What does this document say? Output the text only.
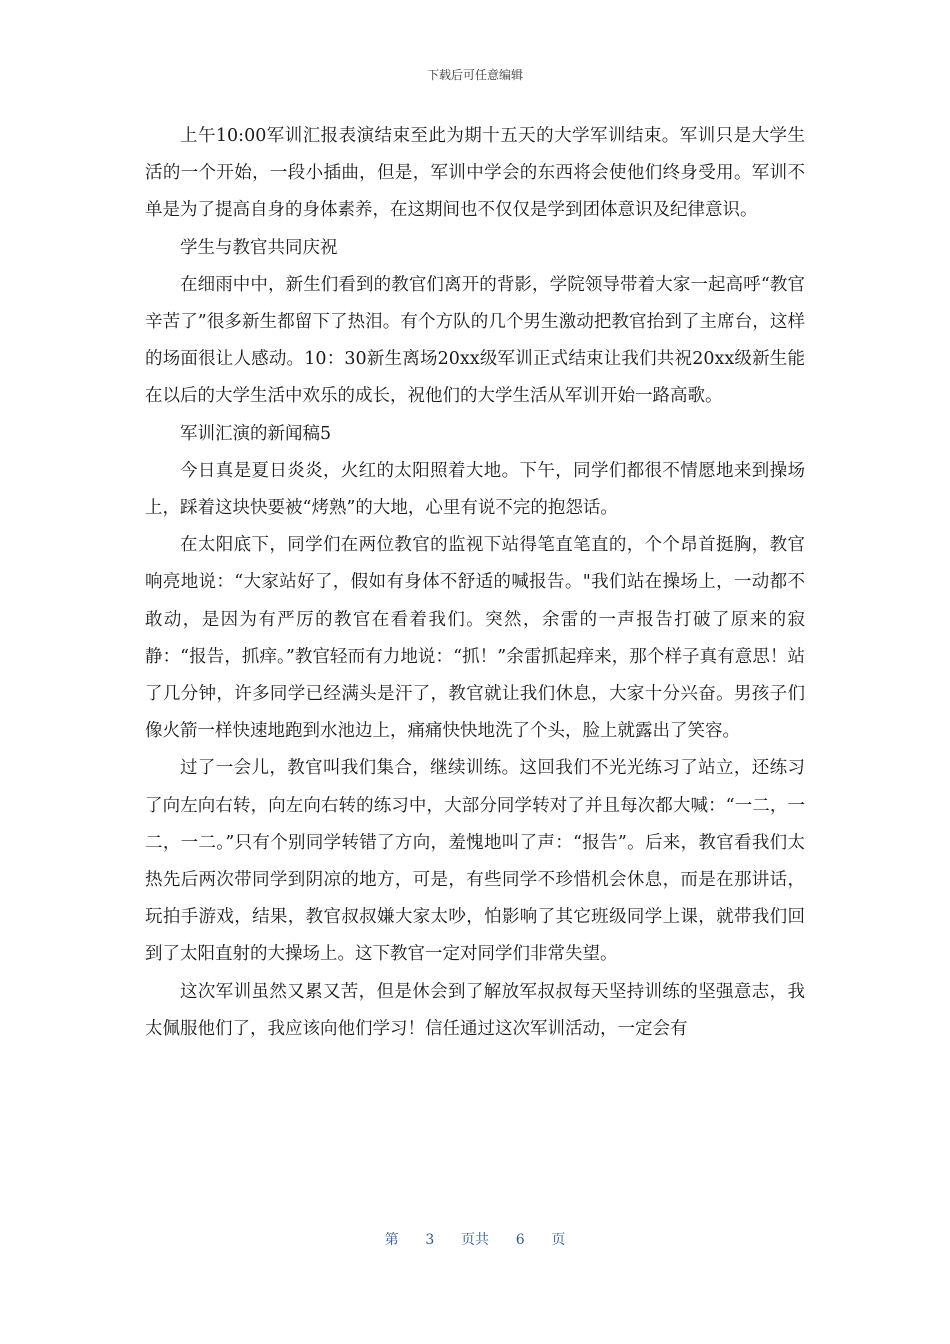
下载后可任意编辑

上午10:00军训汇报表演结束至此为期十五天的大学军训结束。军训只是大学生活的一个开始，一段小插曲，但是，军训中学会的东西将会使他们终身受用。军训不单是为了提高自身的身体素养，在这期间也不仅仅是学到团体意识及纪律意识。

学生与教官共同庆祝

在细雨中中，新生们看到的教官们离开的背影，学院领导带着大家一起高呼“教官辛苦了”很多新生都留下了热泪。有个方队的几个男生激动把教官抬到了主席台，这样的场面很让人感动。10：30新生离场20xx级军训正式结束让我们共祝20xx级新生能在以后的大学生活中欢乐的成长，祝他们的大学生活从军训开始一路高歌。

军训汇演的新闻稿5

今日真是夏日炎炎，火红的太阳照着大地。下午，同学们都很不情愿地来到操场上，踩着这块快要被“烤熟”的大地，心里有说不完的抱怨话。

在太阳底下，同学们在两位教官的监视下站得笔直笔直的，个个昂首挺胸，教官响亮地说：“大家站好了，假如有身体不舒适的喊报告。"我们站在操场上，一动都不敢动，是因为有严厉的教官在看着我们。突然，余雷的一声报告打破了原来的寂静：“报告，抓痒。”教官轻而有力地说：“抓！”余雷抓起痒来，那个样子真有意思！站了几分钟，许多同学已经满头是汗了，教官就让我们休息，大家十分兴奋。男孩子们像火箭一样快速地跑到水池边上，痛痛快快地洗了个头，脸上就露出了笑容。

过了一会儿，教官叫我们集合，继续训练。这回我们不光光练习了站立，还练习了向左向右转，向左向右转的练习中，大部分同学转对了并且每次都大喊：“一二，一二，一二。”只有个别同学转错了方向，羞愧地叫了声：“报告”。后来，教官看我们太热先后两次带同学到阴凉的地方，可是，有些同学不珍惜机会休息，而是在那讲话，玩拍手游戏，结果，教官叔叔嫌大家太吵，怕影响了其它班级同学上课，就带我们回到了太阳直射的大操场上。这下教官一定对同学们非常失望。

这次军训虽然又累又苦，但是休会到了解放军叔叔每天坚持训练的坚强意志，我太佩服他们了，我应该向他们学习！信任通过这次军训活动，一定会有

第 3 页共 6 页
